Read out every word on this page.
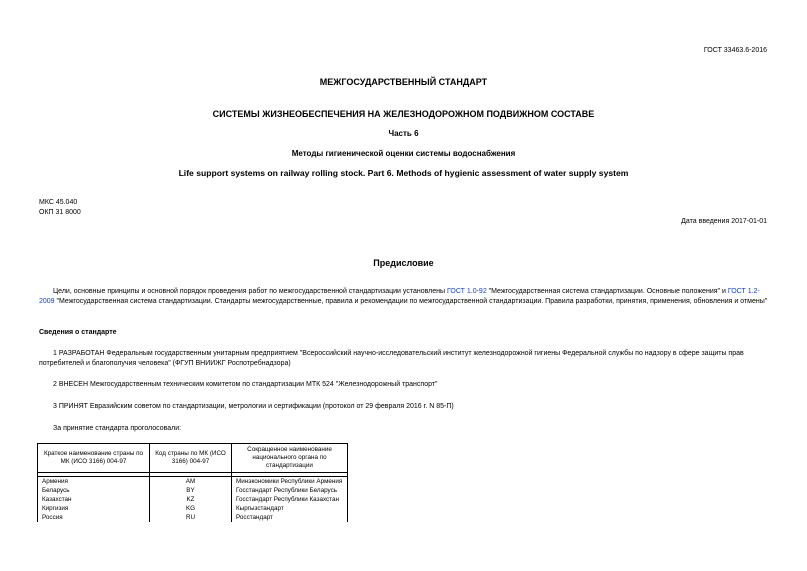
ГОСТ 33463.6-2016
МЕЖГОСУДАРСТВЕННЫЙ СТАНДАРТ
СИСТЕМЫ ЖИЗНЕОБЕСПЕЧЕНИЯ НА ЖЕЛЕЗНОДОРОЖНОМ ПОДВИЖНОМ СОСТАВЕ
Часть 6
Методы гигиенической оценки системы водоснабжения
Life support systems on railway rolling stock. Part 6. Methods of hygienic assessment of water supply system
МКС 45.040
ОКП 31 8000
Дата введения 2017-01-01
Предисловие
Цели, основные принципы и основной порядок проведения работ по межгосударственной стандартизации установлены ГОСТ 1.0-92 "Межгосударственная система стандартизации. Основные положения" и ГОСТ 1.2-2009 "Межгосударственная система стандартизации. Стандарты межгосударственные, правила и рекомендации по межгосударственной стандартизации. Правила разработки, принятия, применения, обновления и отмены"
Сведения о стандарте
1 РАЗРАБОТАН Федеральным государственным унитарным предприятием "Всероссийский научно-исследовательский институт железнодорожной гигиены Федеральной службы по надзору в сфере защиты прав потребителей и благополучия человека" (ФГУП ВНИИЖГ Роспотребнадзора)
2 ВНЕСЕН Межгосударственным техническим комитетом по стандартизации МТК 524 "Железнодорожный транспорт"
3 ПРИНЯТ Евразийским советом по стандартизации, метрологии и сертификации (протокол от 29 февраля 2016 г. N 85-П)
За принятие стандарта проголосовали:
Краткое наименование страны по МК (ИСО 3166) 004-97	Код страны по МК (ИСО 3166) 004-97	Сокращенное наименование национального органа по стандартизации

Армения	AM	Минэкономики Республики Армения
Беларусь	BY	Госстандарт Республики Беларусь
Казахстан	KZ	Госстандарт Республики Казахстан
Киргизия	KG	Кыргызстандарт
Россия	RU	Росстандарт
